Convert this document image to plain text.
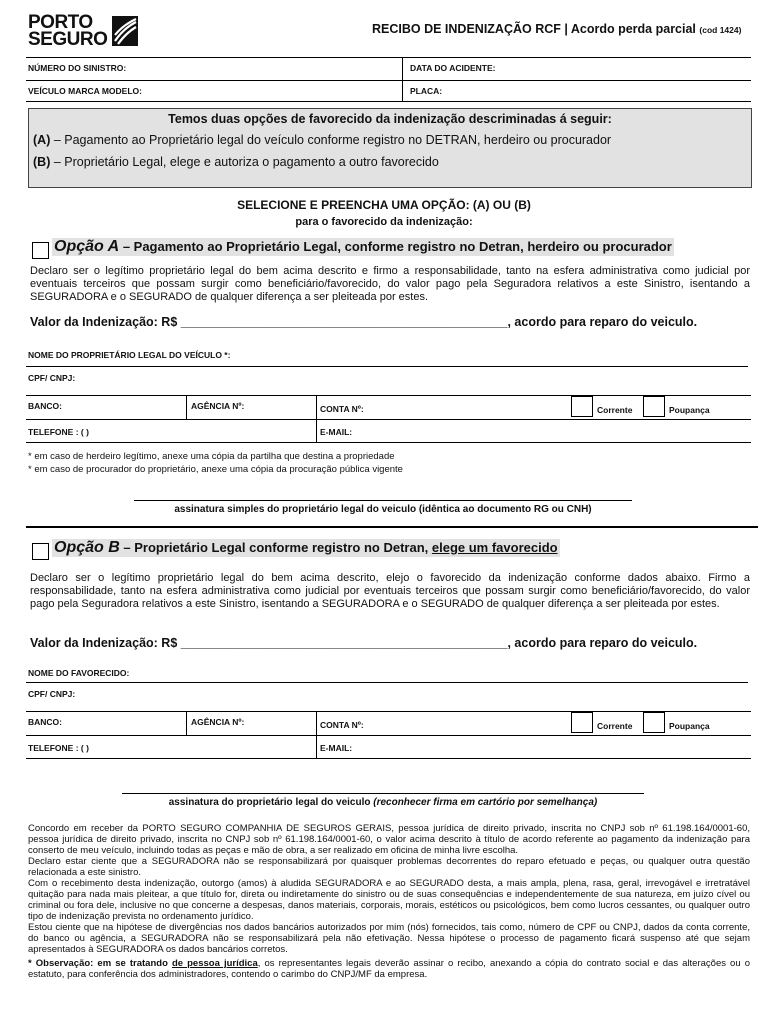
PORTO
SEGURO	RECIBO DE INDENIZAÇÃO RCF | Acordo perda parcial (cod 1424)
NÚMERO DO SINISTRO:	DATA DO ACIDENTE:
VEÍCULO MARCA MODELO:	PLACA:
Temos duas opções de favorecido da indenização descriminadas á seguir:
(A) – Pagamento ao Proprietário legal do veículo conforme registro no DETRAN, herdeiro ou procurador
(B) – Proprietário Legal, elege e autoriza o pagamento a outro favorecido
SELECIONE E PREENCHA UMA OPÇÃO: (A) OU (B)
para o favorecido da indenização:
Opção A – Pagamento ao Proprietário Legal, conforme registro no Detran, herdeiro ou procurador
Declaro ser o legítimo proprietário legal do bem acima descrito e firmo a responsabilidade, tanto na esfera administrativa como judicial por eventuais terceiros que possam surgir como beneficiário/favorecido, do valor pago pela Seguradora relativos a este Sinistro, isentando a SEGURADORA e o SEGURADO de qualquer diferença a ser pleiteada por estes.
Valor da Indenização: R$ _______________________________________________, acordo para reparo do veiculo.
NOME DO PROPRIETÁRIO LEGAL DO VEÍCULO *:
CPF/ CNPJ:
BANCO:	AGÊNCIA Nº:	CONTA Nº:	Corrente	Poupança
TELEFONE : ( )	E-MAIL:
* em caso de herdeiro legítimo, anexe uma cópia da partilha que destina a propriedade
* em caso de procurador do proprietário, anexe uma cópia da procuração pública vigente
assinatura simples do proprietário legal do veiculo (idêntica ao documento RG ou CNH)
Opção B – Proprietário Legal conforme registro no Detran, elege um favorecido
Declaro ser o legítimo proprietário legal do bem acima descrito, elejo o favorecido da indenização conforme dados abaixo. Firmo a responsabilidade, tanto na esfera administrativa como judicial por eventuais terceiros que possam surgir como beneficiário/favorecido, do valor pago pela Seguradora relativos a este Sinistro, isentando a SEGURADORA e o SEGURADO de qualquer diferença a ser pleiteada por estes.
Valor da Indenização: R$ _______________________________________________, acordo para reparo do veiculo.
NOME DO FAVORECIDO:
CPF/ CNPJ:
BANCO:	AGÊNCIA Nº:	CONTA Nº:	Corrente	Poupança
TELEFONE : ( )	E-MAIL:
assinatura do proprietário legal do veiculo (reconhecer firma em cartório por semelhança)
Concordo em receber da PORTO SEGURO COMPANHIA DE SEGUROS GERAIS, pessoa jurídica de direito privado, inscrita no CNPJ sob nº 61.198.164/0001-60, pessoa jurídica de direito privado, inscrita no CNPJ sob nº 61.198.164/0001-60, o valor acima descrito à título de acordo referente ao pagamento da indenização para conserto de meu veículo, incluindo todas as peças e mão de obra, a ser realizado em oficina de minha livre escolha.
Declaro estar ciente que a SEGURADORA não se responsabilizará por quaisquer problemas decorrentes do reparo efetuado e peças, ou qualquer outra questão relacionada a este sinistro.
Com o recebimento desta indenização, outorgo (amos) à aludida SEGURADORA e ao SEGURADO desta, a mais ampla, plena, rasa, geral, irrevogável e irretratável quitação para nada mais pleitear, a que título for, direta ou indiretamente do sinistro ou de suas consequências e independentemente de sua natureza, em juízo cível ou criminal ou fora dele, inclusive no que concerne a despesas, danos materiais, corporais, morais, estéticos ou psicológicos, bem como lucros cessantes, ou qualquer outro tipo de indenização prevista no ordenamento jurídico.
Estou ciente que na hipótese de divergências nos dados bancários autorizados por mim (nós) fornecidos, tais como, número de CPF ou CNPJ, dados da conta corrente, do banco ou agência, a SEGURADORA não se responsabilizará pela não efetivação. Nessa hipótese o processo de pagamento ficará suspenso até que sejam apresentados à SEGURADORA os dados bancários corretos.
* Observação: em se tratando de pessoa jurídica, os representantes legais deverão assinar o recibo, anexando a cópia do contrato social e das alterações ou o estatuto, para conferência dos administradores, contendo o carimbo do CNPJ/MF da empresa.
